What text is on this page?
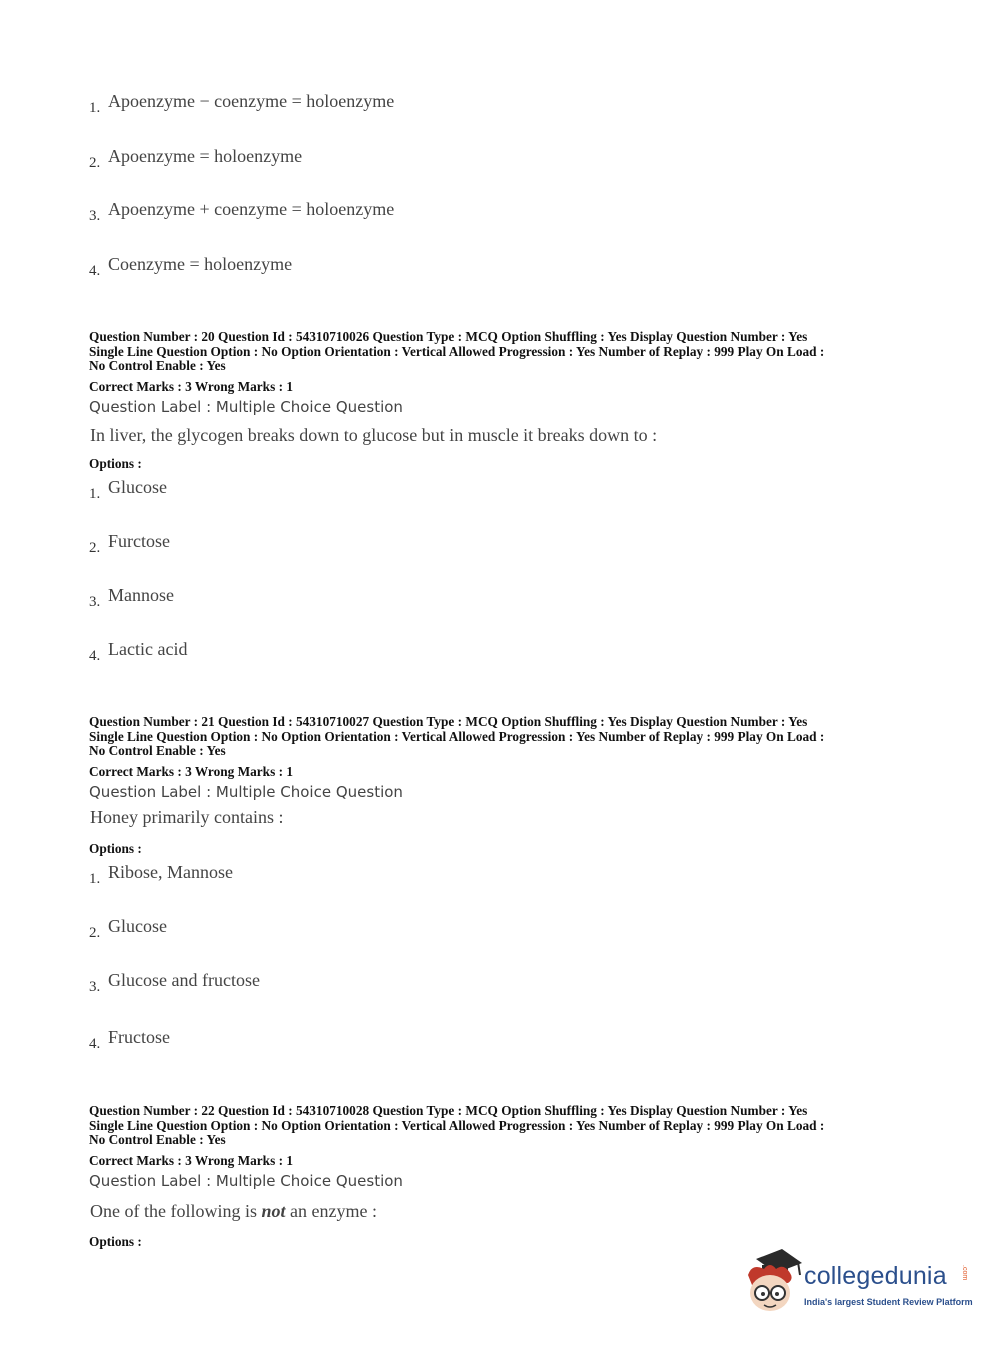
1. Apoenzyme − coenzyme = holoenzyme
2. Apoenzyme = holoenzyme
3. Apoenzyme + coenzyme = holoenzyme
4. Coenzyme = holoenzyme
Question Number : 20 Question Id : 54310710026 Question Type : MCQ Option Shuffling : Yes Display Question Number : Yes
Single Line Question Option : No Option Orientation : Vertical Allowed Progression : Yes Number of Replay : 999 Play On Load :
No Control Enable : Yes
Correct Marks : 3 Wrong Marks : 1
Question Label : Multiple Choice Question
In liver, the glycogen breaks down to glucose but in muscle it breaks down to :
Options :
1. Glucose
2. Furctose
3. Mannose
4. Lactic acid
Question Number : 21 Question Id : 54310710027 Question Type : MCQ Option Shuffling : Yes Display Question Number : Yes
Single Line Question Option : No Option Orientation : Vertical Allowed Progression : Yes Number of Replay : 999 Play On Load :
No Control Enable : Yes
Correct Marks : 3 Wrong Marks : 1
Question Label : Multiple Choice Question
Honey primarily contains :
Options :
1. Ribose, Mannose
2. Glucose
3. Glucose and fructose
4. Fructose
Question Number : 22 Question Id : 54310710028 Question Type : MCQ Option Shuffling : Yes Display Question Number : Yes
Single Line Question Option : No Option Orientation : Vertical Allowed Progression : Yes Number of Replay : 999 Play On Load :
No Control Enable : Yes
Correct Marks : 3 Wrong Marks : 1
Question Label : Multiple Choice Question
One of the following is not an enzyme :
Options :
collegedunia .com
India's largest Student Review Platform
